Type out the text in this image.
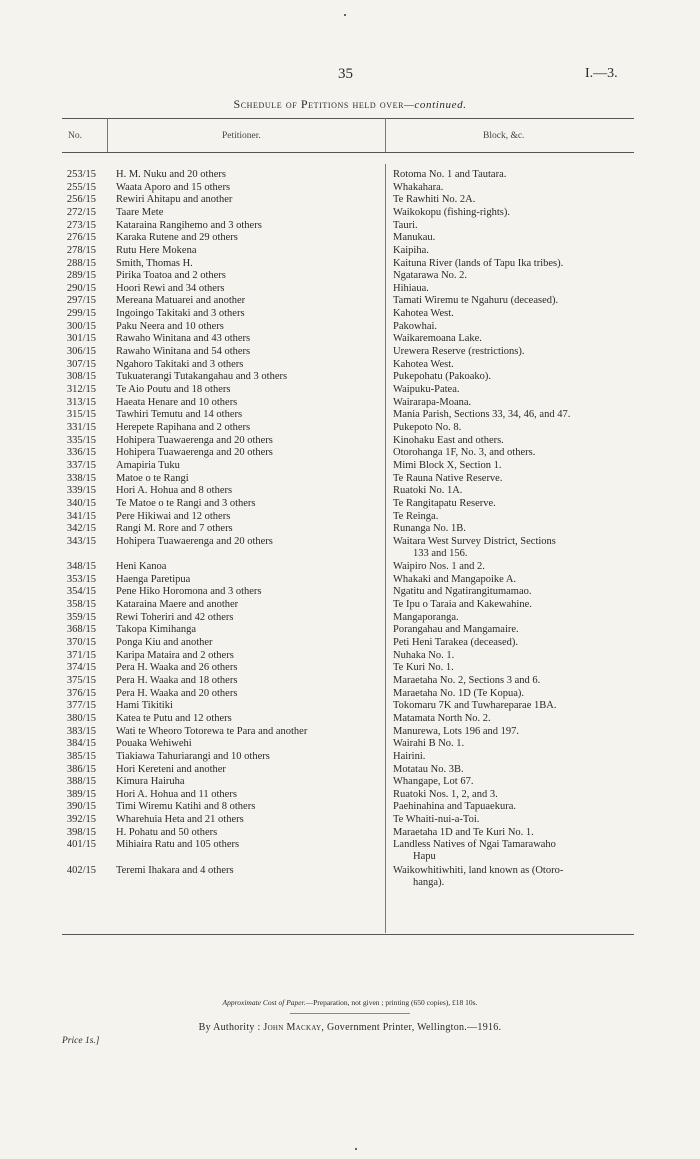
35	I.—3.
Schedule of Petitions held over—continued.
No.	Petitioner.	Block, &c.
253/15 H. M. Nuku and 20 others	Rotoma No. 1 and Tautara.
255/15 Waata Aporo and 15 others	Whakahara.
256/15 Rewiri Ahitapu and another	Te Rawhiti No. 2A.
272/15 Taare Mete	Waikokopu (fishing-rights).
273/15 Kataraina Rangihemo and 3 others	Tauri.
276/15 Karaka Rutene and 29 others	Manukau.
278/15 Rutu Here Mokena	Kaipiha.
288/15 Smith, Thomas H.	Kaituna River (lands of Tapu Ika tribes).
289/15 Pirika Toatoa and 2 others	Ngatarawa No. 2.
290/15 Hoori Rewi and 34 others	Hihiaua.
297/15 Mereana Matuarei and another	Tamati Wiremu te Ngahuru (deceased).
299/15 Ingoingo Takitaki and 3 others	Kahotea West.
300/15 Paku Neera and 10 others	Pakowhai.
301/15 Rawaho Winitana and 43 others	Waikaremoana Lake.
306/15 Rawaho Winitana and 54 others	Urewera Reserve (restrictions).
307/15 Ngahoro Takitaki and 3 others	Kahotea West.
308/15 Tukuaterangi Tutakangahau and 3 others	Pukepohatu (Pakoako).
312/15 Te Aio Poutu and 18 others	Waipuku-Patea.
313/15 Haeata Henare and 10 others	Wairarapa-Moana.
315/15 Tawhiri Temutu and 14 others	Mania Parish, Sections 33, 34, 46, and 47.
331/15 Herepete Rapihana and 2 others	Pukepoto No. 8.
335/15 Hohipera Tuawaerenga and 20 others	Kinohaku East and others.
336/15 Hohipera Tuawaerenga and 20 others	Otorohanga 1F, No. 3, and others.
337/15 Amapiria Tuku	Mimi Block X, Section 1.
338/15 Matoe o te Rangi	Te Rauna Native Reserve.
339/15 Hori A. Hohua and 8 others	Ruatoki No. 1A.
340/15 Te Matoe o te Rangi and 3 others	Te Rangitapatu Reserve.
341/15 Pere Hikiwai and 12 others	Te Reinga.
342/15 Rangi M. Rore and 7 others	Runanga No. 1B.
343/15 Hohipera Tuawaerenga and 20 others	Waitara West Survey District, Sections
133 and 156.
348/15 Heni Kanoa	Waipiro Nos. 1 and 2.
353/15 Haenga Paretipua	Whakaki and Mangapoike A.
354/15 Pene Hiko Horomona and 3 others	Ngatitu and Ngatirangitumamao.
358/15 Kataraina Maere and another	Te Ipu o Taraia and Kakewahine.
359/15 Rewi Toheriri and 42 others	Mangaporanga.
368/15 Takopa Kimihanga	Porangahau and Mangamaire.
370/15 Ponga Kiu and another	Peti Heni Tarakea (deceased).
371/15 Karipa Mataira and 2 others	Nuhaka No. 1.
374/15 Pera H. Waaka and 26 others	Te Kuri No. 1.
375/15 Pera H. Waaka and 18 others	Maraetaha No. 2, Sections 3 and 6.
376/15 Pera H. Waaka and 20 others	Maraetaha No. 1D (Te Kopua).
377/15 Hami Tikitiki	Tokomaru 7K and Tuwhareparae 1BA.
380/15 Katea te Putu and 12 others	Matamata North No. 2.
383/15 Wati te Wheoro Totorewa te Para and another	Manurewa, Lots 196 and 197.
384/15 Pouaka Wehiwehi	Wairahi B No. 1.
385/15 Tiakiawa Tahuriarangi and 10 others	Hairini.
386/15 Hori Kereteni and another	Motatau No. 3B.
388/15 Kimura Hairuha	Whangape, Lot 67.
389/15 Hori A. Hohua and 11 others	Ruatoki Nos. 1, 2, and 3.
390/15 Timi Wiremu Katihi and 8 others	Paehinahina and Tapuaekura.
392/15 Wharehuia Heta and 21 others	Te Whaiti-nui-a-Toi.
398/15 H. Pohatu and 50 others	Maraetaha 1D and Te Kuri No. 1.
401/15 Mihiaira Ratu and 105 others	Landless Natives of Ngai Tamarawaho
Hapu
402/15 Teremi Ihakara and 4 others	Waikowhitiwhiti, land known as (Otoro-
hanga).
Approximate Cost of Paper.—Preparation, not given ; printing (650 copies), £18 10s.
By Authority : John Mackay, Government Printer, Wellington.—1916.
Price 1s.]
